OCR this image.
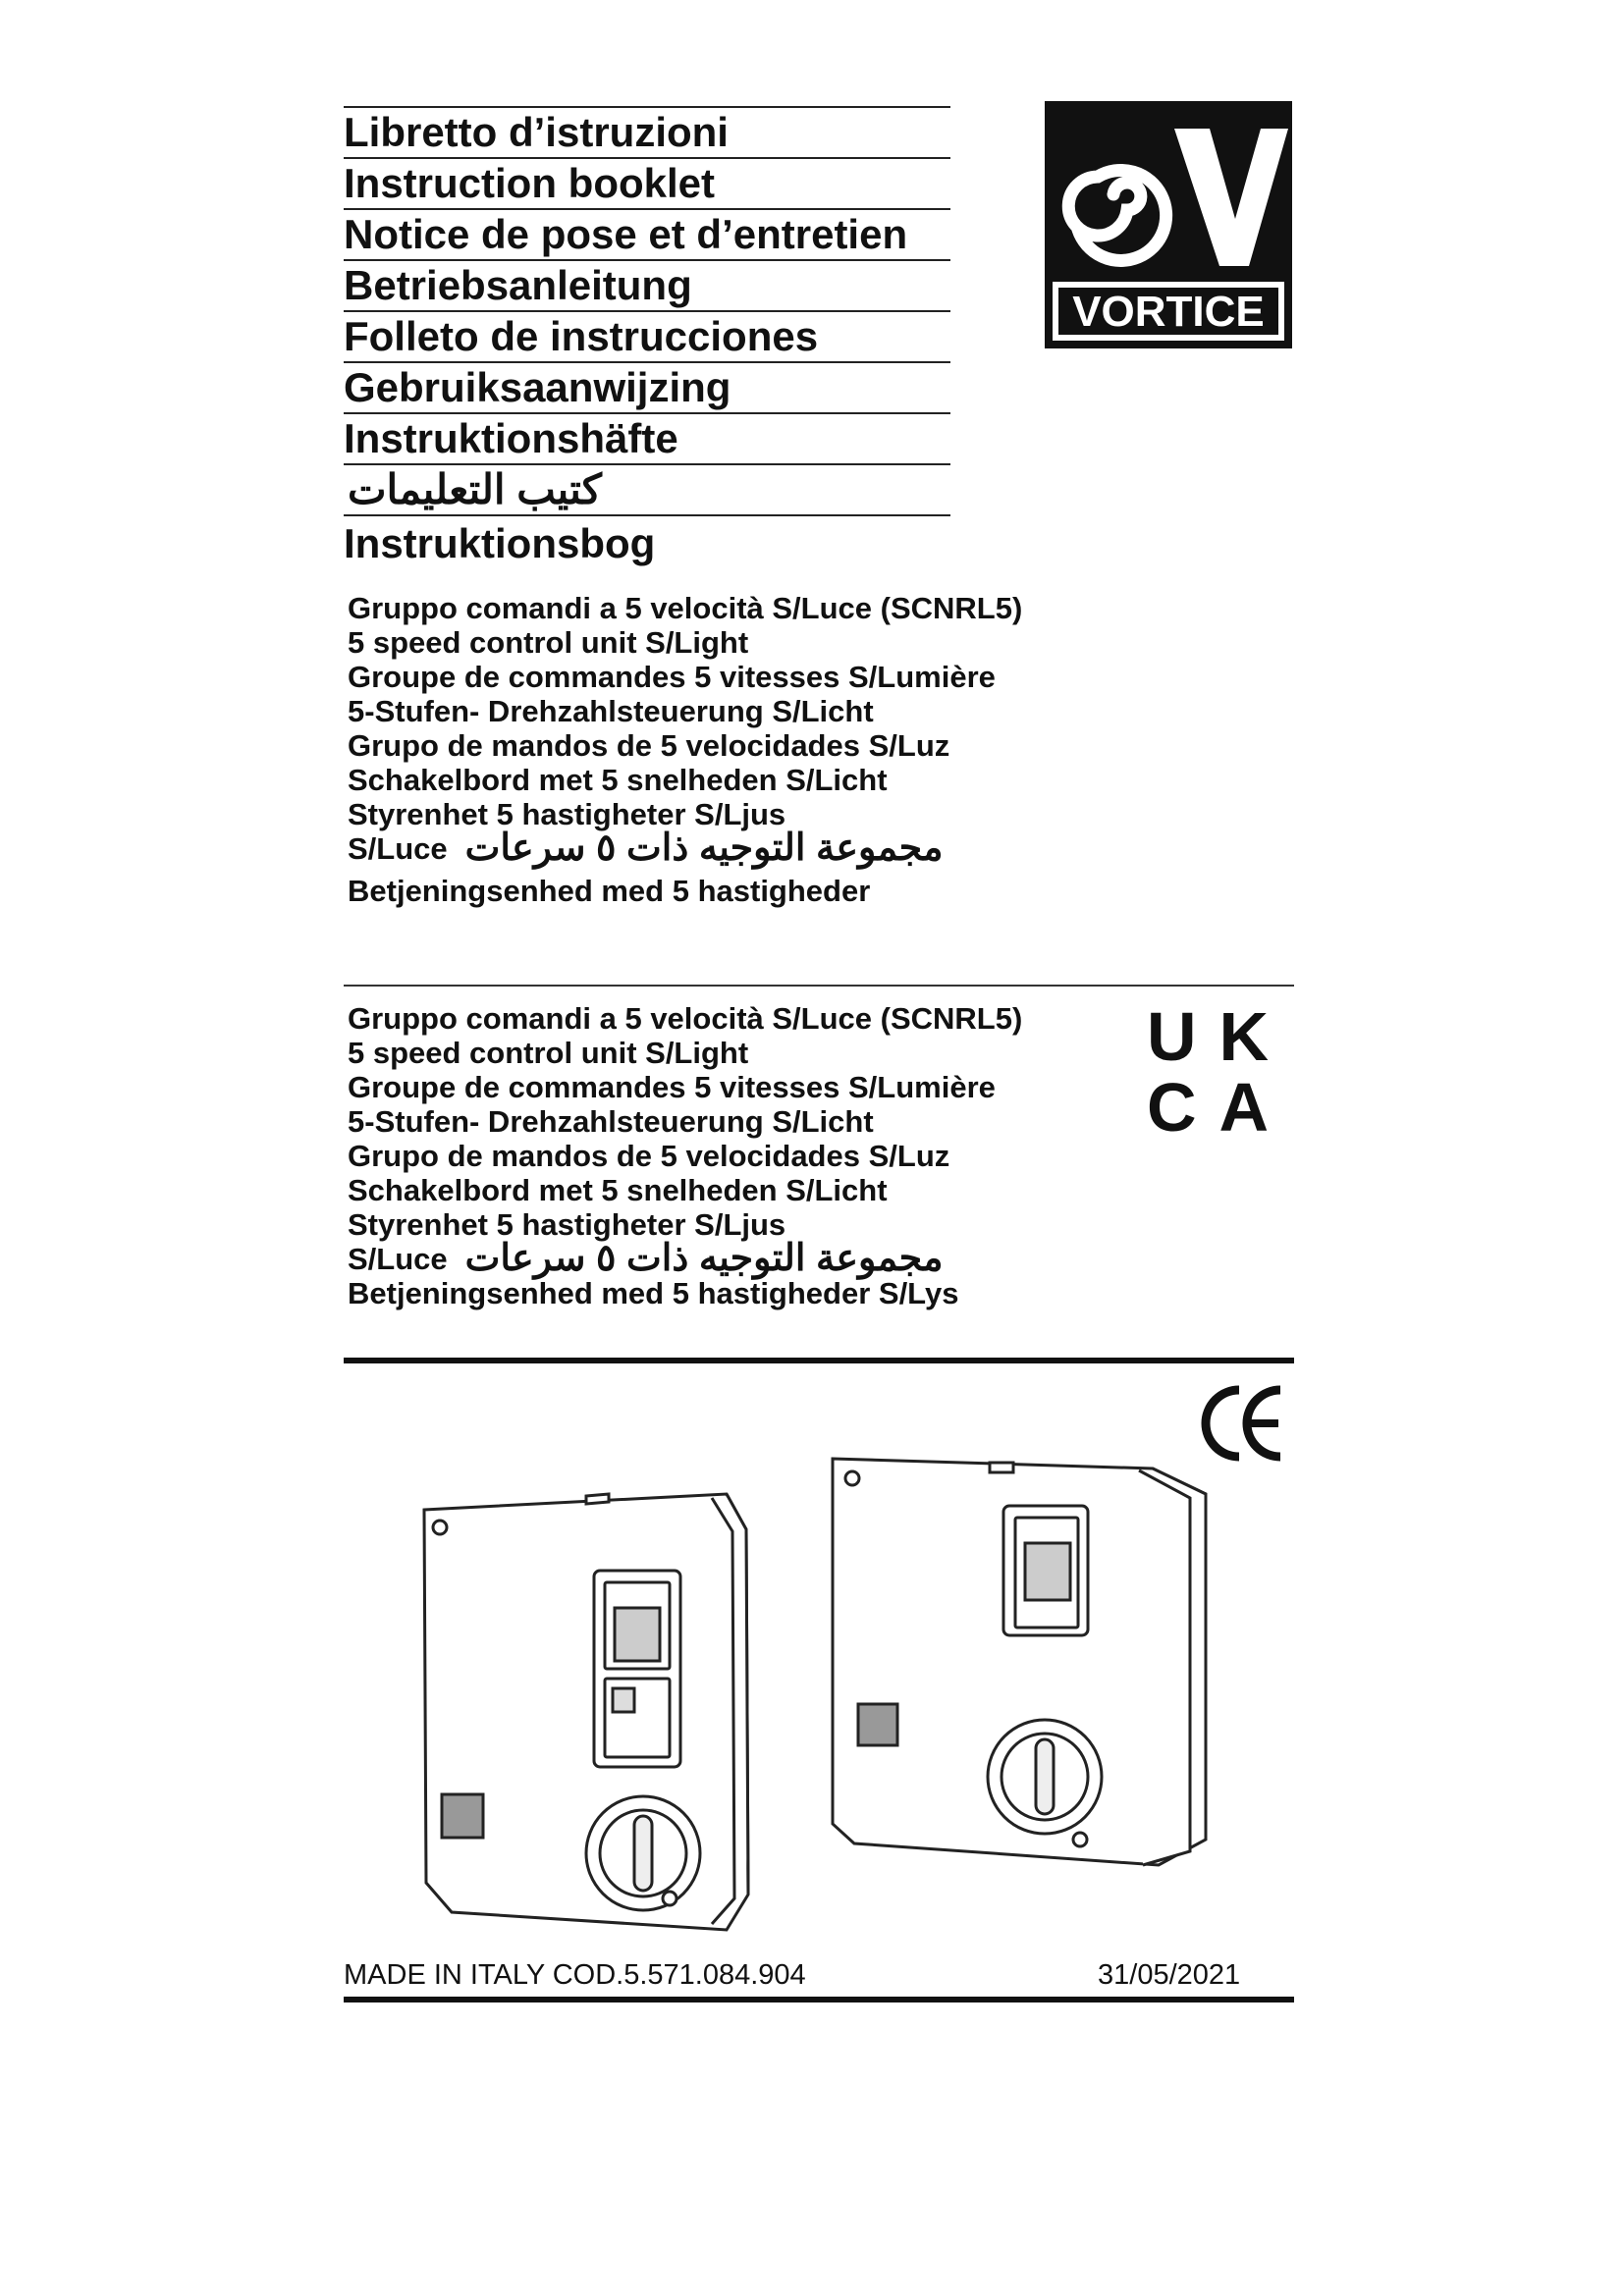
Libretto d’istruzioni
Instruction booklet
Notice de pose et d’entretien
Betriebsanleitung
Folleto de instrucciones
Gebruiksaanwijzing
Instruktionshäfte
كتيب التعليمات
Instruktionsbog
VORTICE
Gruppo comandi a 5 velocità S/Luce (SCNRL5)
5 speed control unit S/Light
Groupe de commandes 5 vitesses S/Lumière
5-Stufen- Drehzahlsteuerung S/Licht
Grupo de mandos de 5 velocidades S/Luz
Schakelbord met 5 snelheden S/Licht
Styrenhet 5 hastigheter S/Ljus
S/Luce مجموعة التوجيه ذات ٥ سرعات
Betjeningsenhed med 5 hastigheder
Gruppo comandi a 5 velocità S/Luce (SCNRL5)
5 speed control unit S/Light
Groupe de commandes 5 vitesses S/Lumière
5-Stufen- Drehzahlsteuerung S/Licht
Grupo de mandos de 5 velocidades S/Luz
Schakelbord met 5 snelheden S/Licht
Styrenhet 5 hastigheter S/Ljus
S/Luce مجموعة التوجيه ذات ٥ سرعات
Betjeningsenhed med 5 hastigheder S/Lys
UK
CA
MADE IN ITALY COD.5.571.084.904	31/05/2021
